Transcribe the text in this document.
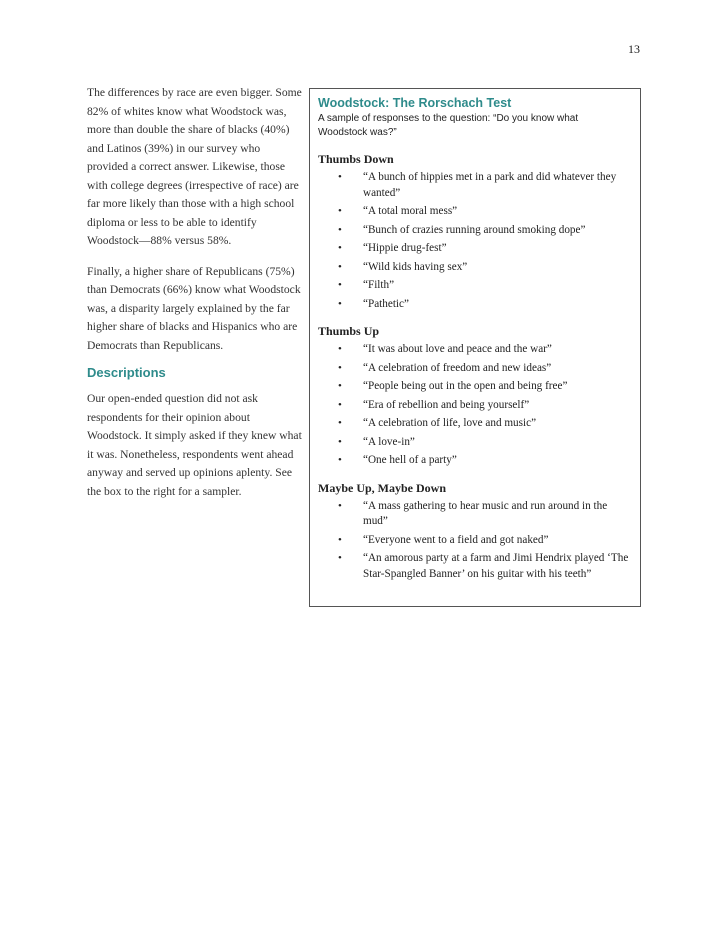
13

The differences by race are even bigger. Some 82% of whites know what Woodstock was, more than double the share of blacks (40%) and Latinos (39%) in our survey who provided a correct answer. Likewise, those with college degrees (irrespective of race) are far more likely than those with a high school diploma or less to be able to identify Woodstock—88% versus 58%.

Finally, a higher share of Republicans (75%) than Democrats (66%) know what Woodstock was, a disparity largely explained by the far higher share of blacks and Hispanics who are Democrats than Republicans.

Descriptions

Our open-ended question did not ask respondents for their opinion about Woodstock. It simply asked if they knew what it was. Nonetheless, respondents went ahead anyway and served up opinions aplenty. See the box to the right for a sampler.

Woodstock: The Rorschach Test

A sample of responses to the question: “Do you know what Woodstock was?”

Thumbs Down
• “A bunch of hippies met in a park and did whatever they wanted”
• “A total moral mess”
• “Bunch of crazies running around smoking dope”
• “Hippie drug-fest”
• “Wild kids having sex”
• “Filth”
• “Pathetic”
Thumbs Up
• “It was about love and peace and the war”
• “A celebration of freedom and new ideas”
• “People being out in the open and being free”
• “Era of rebellion and being yourself”
• “A celebration of life, love and music”
• “A love-in”
• “One hell of a party”
Maybe Up, Maybe Down
• “A mass gathering to hear music and run around in the mud”
• “Everyone went to a field and got naked”
• “An amorous party at a farm and Jimi Hendrix played ‘The Star-Spangled Banner’ on his guitar with his teeth”
